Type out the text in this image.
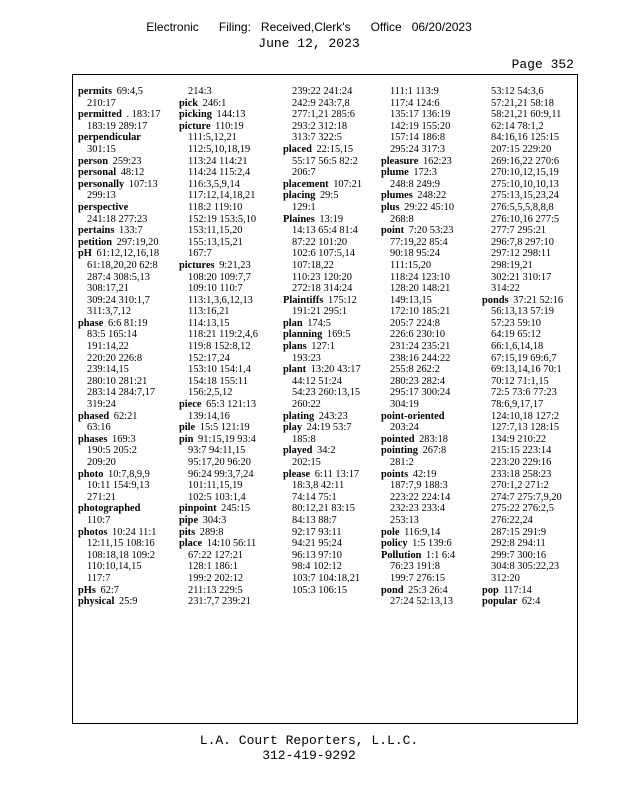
Electronic      Filing:   Received,Clerk's      Office   06/20/2023
June 12, 2023
Page 352
permits 69:4,5
210:17
permitted . 183:17
183:19 289:17
perpendicular
301:15
person 259:23
personal 48:12
personally 107:13
299:13
perspective
241:18 277:23
pertains 133:7
petition 297:19,20
pH 61:12,12,16,18
61:18,20,20 62:8
287:4 308:5,13
308:17,21
309:24 310:1,7
311:3,7,12
phase 6:6 81:19
83:5 165:14
191:14,22
220:20 226:8
239:14,15
280:10 281:21
283:14 284:7,17
319:24
phased 62:21
63:16
phases 169:3
190:5 205:2
209:20
photo 10:7,8,9,9
10:11 154:9,13
271:21
photographed
110:7
photos 10:24 11:1
12:11,15 108:16
108:18,18 109:2
110:10,14,15
117:7
pHs 62:7
physical 25:9
214:3
pick 246:1
picking 144:13
picture 110:19
111:5,12,21
112:5,10,18,19
113:24 114:21
114:24 115:2,4
116:3,5,9,14
117:12,14,18,21
118:2 119:10
152:19 153:5,10
153:11,15,20
155:13,15,21
167:7
pictures 9:21,23
108:20 109:7,7
109:10 110:7
113:1,3,6,12,13
113:16,21
114:13,15
118:21 119:2,4,6
119:8 152:8,12
152:17,24
153:10 154:1,4
154:18 155:11
156:2,5,12
piece 65:3 121:13
139:14,16
pile 15:5 121:19
pin 91:15,19 93:4
93:7 94:11,15
95:17,20 96:20
96:24 99:3,7,24
101:11,15,19
102:5 103:1,4
pinpoint 245:15
pipe 304:3
pits 289:8
place 14:10 56:11
67:22 127:21
128:1 186:1
199:2 202:12
211:13 229:5
231:7,7 239:21
239:22 241:24
242:9 243:7,8
277:1,21 285:6
293:2 312:18
313:7 322:5
placed 22:15,15
55:17 56:5 82:2
206:7
placement 107:21
placing 29:5
129:1
Plaines 13:19
14:13 65:4 81:4
87:22 101:20
102:6 107:5,14
107:18,22
110:23 120:20
272:18 314:24
Plaintiffs 175:12
191:21 295:1
plan 174:5
planning 169:5
plans 127:1
193:23
plant 13:20 43:17
44:12 51:24
54:23 260:13,15
260:22
plating 243:23
play 24:19 53:7
185:8
played 34:2
202:15
please 6:11 13:17
18:3,8 42:11
74:14 75:1
80:12,21 83:15
84:13 88:7
92:17 93:11
94:21 95:24
96:13 97:10
98:4 102:12
103:7 104:18,21
105:3 106:15
111:1 113:9
117:4 124:6
135:17 136:19
142:19 155:20
157:14 186:8
295:24 317:3
pleasure 162:23
plume 172:3
248:8 249:9
plumes 248:22
plus 29:22 45:10
268:8
point 7:20 53:23
77:19,22 85:4
90:18 95:24
111:15,20
118:24 123:10
128:20 148:21
149:13,15
172:10 185:21
205:7 224:8
226:6 230:10
231:24 235:21
238:16 244:22
255:8 262:2
280:23 282:4
295:17 300:24
304:19
point-oriented
203:24
pointed 283:18
pointing 267:8
281:2
points 42:19
187:7,9 188:3
223:22 224:14
232:23 233:4
253:13
pole 116:9,14
policy 1:5 139:6
Pollution 1:1 6:4
76:23 191:8
199:7 276:15
pond 25:3 26:4
27:24 52:13,13
53:12 54:3,6
57:21,21 58:18
58:21,21 60:9,11
62:14 78:1,2
84:16,16 125:15
207:15 229:20
269:16,22 270:6
270:10,12,15,19
275:10,10,10,13
275:13,15,23,24
276:5,5,5,8,8,8
276:10,16 277:5
277:7 295:21
296:7,8 297:10
297:12 298:11
298:19,21
302:21 310:17
314:22
ponds 37:21 52:16
56:13,13 57:19
57:23 59:10
64:19 65:12
66:1,6,14,18
67:15,19 69:6,7
69:13,14,16 70:1
70:12 71:1,15
72:5 73:6 77:23
78:6,9,17,17
124:10,18 127:2
127:7,13 128:15
134:9 210:22
215:15 223:14
223:20 229:16
233:18 258:23
270:1,2 271:2
274:7 275:7,9,20
275:22 276:2,5
276:22,24
287:15 291:9
292:8 294:11
299:7 300:16
304:8 305:22,23
312:20
pop 117:14
popular 62:4
L.A. Court Reporters, L.L.C.
312-419-9292
